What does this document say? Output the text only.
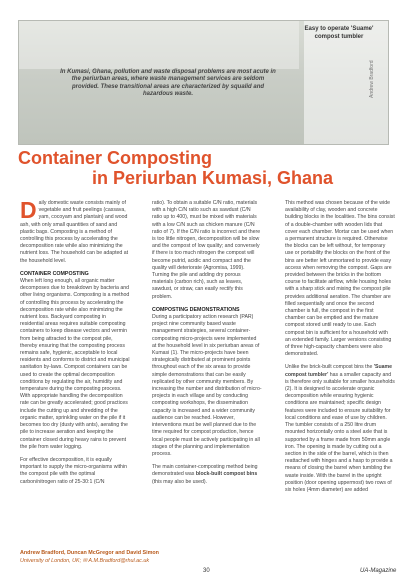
In Kumasi, Ghana, pollution and waste disposal problems are most acute in the periurban areas, where waste management services are seldom provided. These transitional areas are characterized by squalid and hazardous waste.
Easy to operate 'Suame' compost tumbler
Andrew Bradford
Container Composting
in Periurban Kumasi, Ghana

Daily domestic waste consists mainly of vegetable and fruit peelings (cassava, yam, cocoyam and plantain) and wood ash, with only small quantities of sand and plastic bags. Composting is a method of controlling this process by accelerating the decomposition rate while also minimizing the nutrient loss. The household can be adapted at the household level.

CONTAINER COMPOSTING

When left long enough, all organic matter decomposes due to breakdown by bacteria and other living organisms. Composting is a method of controlling this process by accelerating the decomposition rate while also minimizing the nutrient loss. Backyard composting in residential areas requires suitable composting containers to keep disease vectors and vermin from being attracted to the compost pile, thereby ensuring that the composting process remains safe, hygienic, acceptable to local residents and conforms to district and municipal sanitation by-laws. Compost containers can be used to create the optimal decomposition conditions by regulating the air, humidity and temperature during the composting process. With appropriate handling the decomposition rate can be greatly accelerated; good practices include the cutting up and shredding of the organic matter, sprinkling water on the pile if it becomes too dry (dusty with ants), aerating the pile to increase aeration and keeping the container closed during heavy rains to prevent the pile from water logging.

For effective decomposition, it is equally important to supply the micro-organisms within the compost pile with the optimal carbon/nitrogen ratio of 25-30:1 (C/N

ratio). To obtain a suitable C/N ratio, materials with a high C/N ratio such as sawdust (C/N ratio up to 400), must be mixed with materials with a low C/N such as chicken manure (C/N ratio of 7). If the C/N ratio is incorrect and there is too little nitrogen, decomposition will be slow and the compost of low quality; and conversely if there is too much nitrogen the compost will become putrid, acidic and compact and the quality will deteriorate (Agromisa, 1999). Turning the pile and adding dry porous materials (carbon rich), such as leaves, sawdust, or straw, can easily rectify this problem.

COMPOSTING DEMONSTRATIONS

During a participatory action research (PAR) project nine community based waste management strategies, several container-composting micro-projects were implemented at the household level in six periurban areas of Kumasi (1). The micro-projects have been strategically distributed at prominent points throughout each of the six areas to provide simple demonstrations that can be easily replicated by other community members. By increasing the number and distribution of micro-projects in each village and by conducting composting workshops, the dissemination capacity is increased and a wider community audience can be reached. However, interventions must be well planned due to the time required for compost production, hence local people must be actively participating in all stages of the planning and implementation process.

The main container-composting method being demonstrated was block-built compost bins (this may also be used).

This method was chosen because of the wide availability of clay, wooden and concrete building blocks in the localities. The bins consist of a double-chamber with wooden lids that cover each chamber. Mortar can be used when a permanent structure is required. Otherwise the blocks can be left without, for temporary use or portability the blocks on the front of the bins are better left unmortared to provide easy access when removing the compost. Gaps are provided between the bricks in the bottom course to facilitate airflow, while housing holes with a sharp stick and mixing the compost pile provides additional aeration. The chamber are filled sequentially and once the second chamber is full, the compost in the first chamber can be emptied and the mature compost stored until ready to use. Each compost bin is sufficient for a household with an extended family. Larger versions consisting of three high-capacity chambers were also demonstrated.

Unlike the brick-built compost bins the 'Suame compost tumbler' has a smaller capacity and is therefore only suitable for smaller households (2). It is designed to accelerate organic decomposition while ensuring hygienic conditions are maintained; specific design features were included to ensure suitability for local conditions and ease of use by children. The tumbler consists of a 250 litre drum mounted horizontally onto a steel axle that is supported by a frame made from 50mm angle iron. The opening is made by cutting out a section in the side of the barrel, which is then reattached with hinges and a hasp to provide a means of closing the barrel when tumbling the waste inside. With the barrel in the upright position (door opening uppermost) two rows of six holes (4mm diameter) are added

Andrew Bradford, Duncan McGregor and David Simon
University of London, UK; ✉ A.M.Bradford@rhul.ac.uk
30	UA-Magazine
